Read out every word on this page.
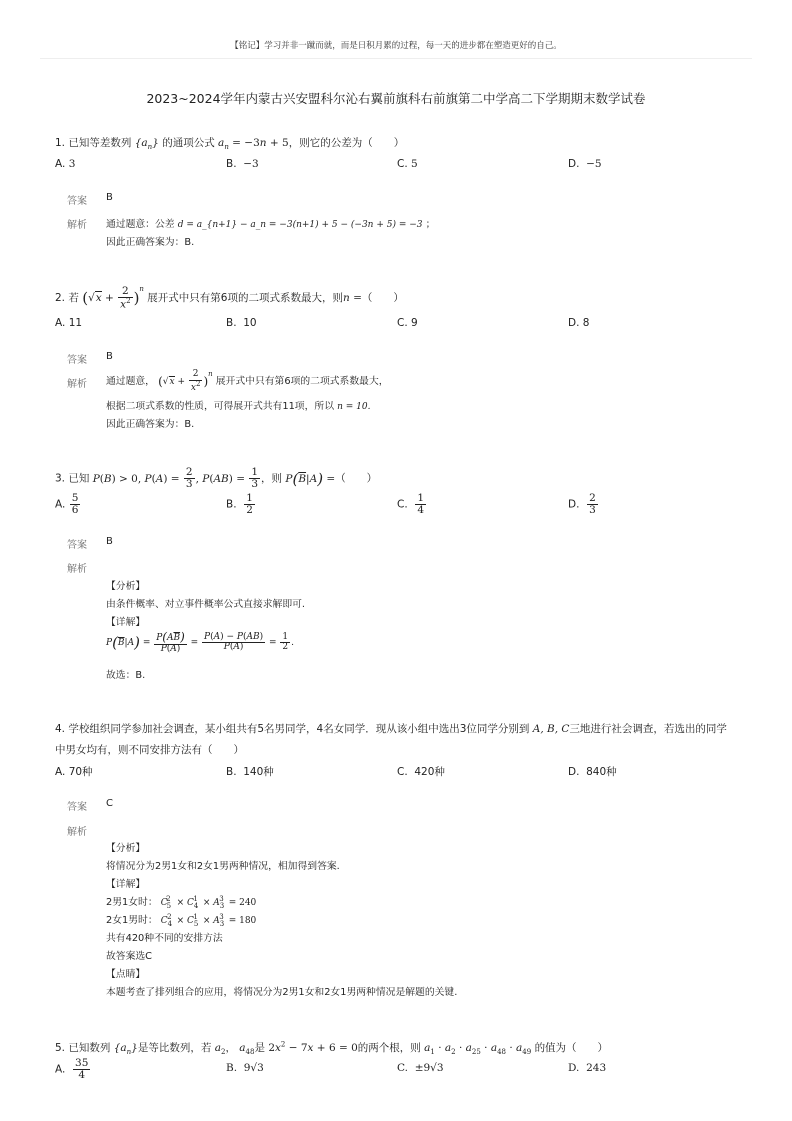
【铭记】学习并非一蹴而就，而是日积月累的过程，每一天的进步都在塑造更好的自己。
2023~2024学年内蒙古兴安盟科尔沁右翼前旗科右前旗第二中学高二下学期期末数学试卷
1. 已知等差数列 $\{a_n\}$ 的通项公式 $a_n = -3n + 5$，则它的公差为（　　）
A. 3	B. −3	C. 5	D. −5
答案 B
解析 通过题意：公差 d = a_{n+1} − a_n = −3(n+1) + 5 − (−3n + 5) = −3 ；
因此正确答案为：B.
2. 若 $(√x + \frac{2}{x^2} )^n$ 展开式中只有第6项的二项式系数最大，则n =（　　）
A. 11	B. 10	C. 9	D. 8
答案 B
解析 通过题意， $(√x + \frac{2}{x^2} )^n$ 展开式中只有第6项的二项式系数最大，
根据二项式系数的性质，可得展开式共有11项，所以 n = 10.
因此正确答案为：B.
3. 已知 P(B) > 0, $P(A) = \frac{2}{3}$ , $P(AB) = \frac{1}{3}$ ，则 $P(\overline{B}|A)$ =（　　）
A. $\frac{5}{6}$	B. $\frac{1}{2}$	C. $\frac{1}{4}$	D. $\frac{2}{3}$
答案 B
解析
【分析】
由条件概率、对立事件概率公式直接求解即可.
【详解】
$P(\overline{B}|A) = \frac{P(A\overline{B})}{P(A)} = \frac{P(A) - P(AB)}{P(A)} = \frac{1}{2}$ .
故选：B.
4. 学校组织同学参加社会调查，某小组共有5名男同学，4名女同学．现从该小组中选出3位同学分别到 A, B, C三地进行社会调查，若选出的同学
中男女均有，则不同安排方法有（　　）
A. 70种	B. 140种	C. 420种	D. 840种
答案 C
解析
【分析】
将情况分为2男1女和2女1男两种情况，相加得到答案.
【详解】
2男1女时： $C_5^2 \times C_4^1 \times A_3^3 = 240$
2女1男时： $C_4^2 \times C_5^1 \times A_3^3 = 180$
共有420种不同的安排方法
故答案选C
【点睛】
本题考查了排列组合的应用，将情况分为2男1女和2女1男两种情况是解题的关键.
5. 已知数列 $\{a_n\}$是等比数列，若 $a_2$， $a_{48}$是 $2x^2 - 7x + 6 = 0$的两个根，则 $a_1 \cdot a_2 \cdot a_{25} \cdot a_{48} \cdot a_{49}$ 的值为（　　）
A. $\frac{35}{4}$	B. 9√3	C. ±9√3	D. 243
